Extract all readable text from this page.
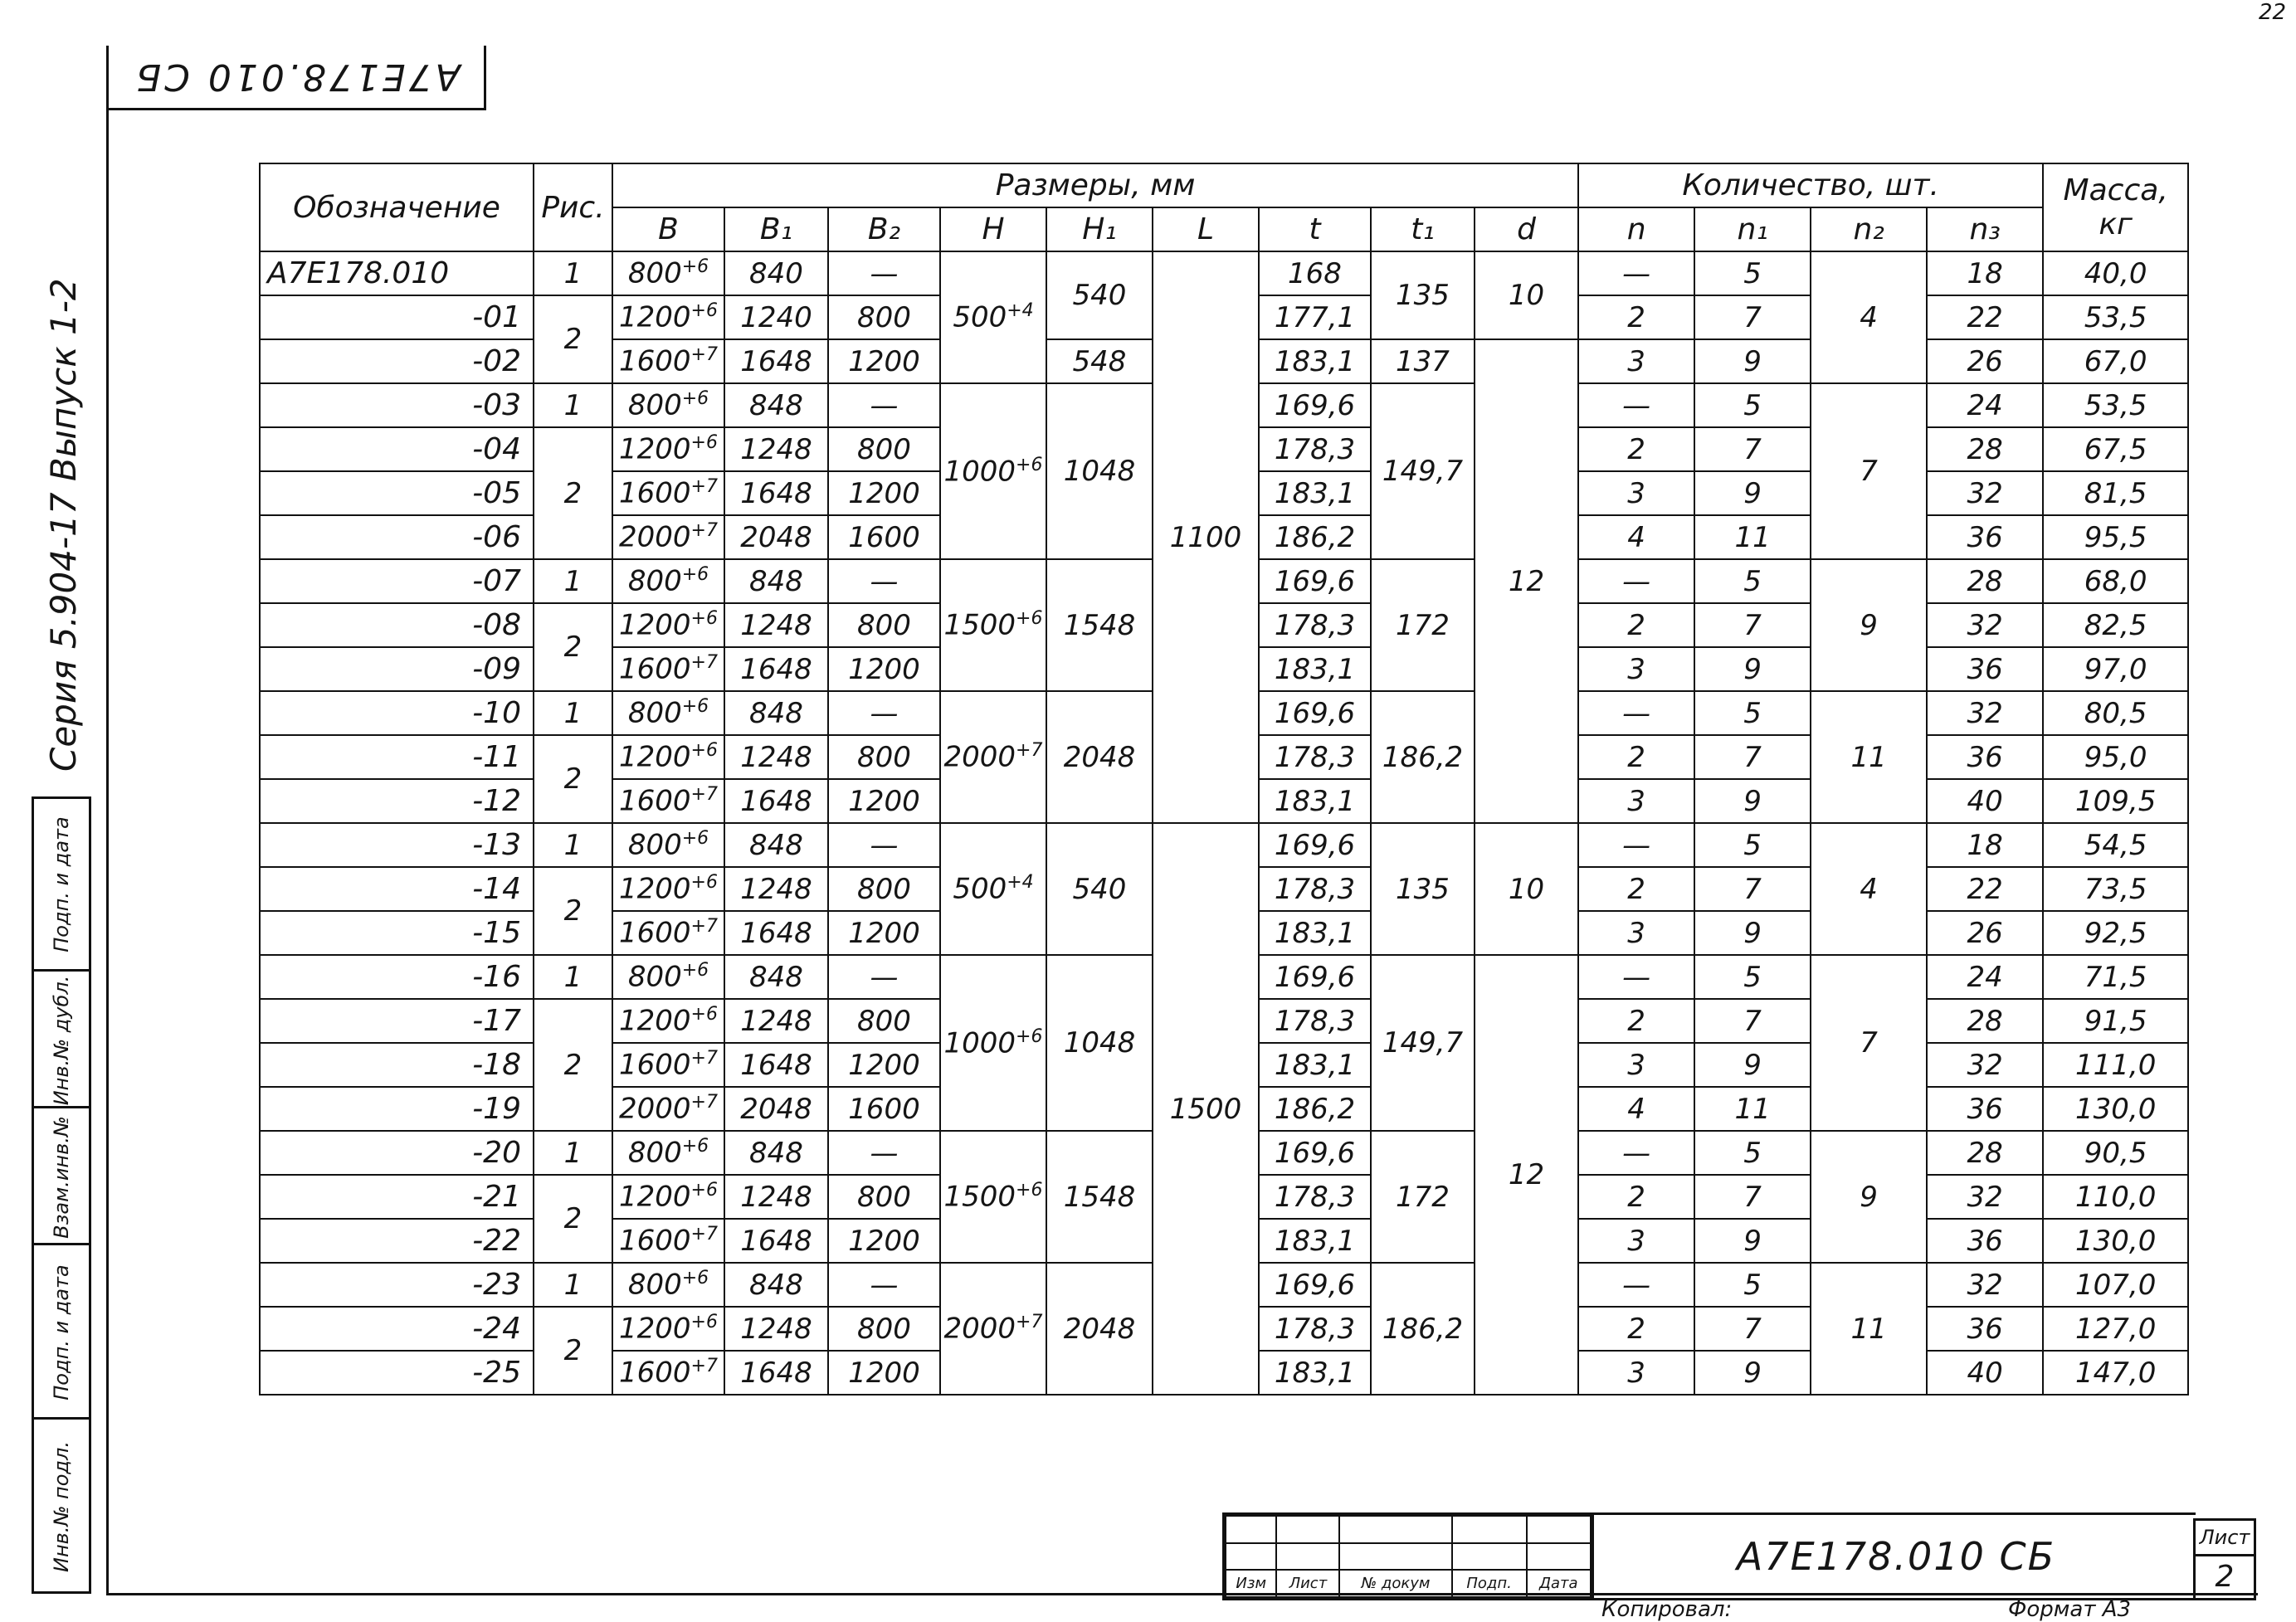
22
А7Е178.010 СБ
Серия 5.904-17 Выпуск 1-2
Подп. и дата
Инв.№ дубл.
Взам.инв.№
Подп. и дата
Инв.№ подл.
Обозначение	Рис.	Размеры, мм									Количество, шт.				Масса, кг
		В	В₁	В₂	Н	Н₁	L	t	t₁	d	n	n₁	n₂	n₃	
А7Е178.010	1	$800^{+6}$	840	—	$500^{+4}$	540	1100	168	135	10	—	5	4	18	40,0
-01	2	$1200^{+6}$	1240	800				177,1			2	7		22	53,5
-02		$1600^{+7}$	1648	1200		548		183,1	137	12	3	9		26	67,0
-03	1	$800^{+6}$	848	—	$1000^{+6}$	1048		169,6	149,7		—	5	7	24	53,5
-04	2	$1200^{+6}$	1248	800				178,3			2	7		28	67,5
-05		$1600^{+7}$	1648	1200				183,1			3	9		32	81,5
-06		$2000^{+7}$	2048	1600				186,2			4	11		36	95,5
-07	1	$800^{+6}$	848	—	$1500^{+6}$	1548		169,6	172		—	5	9	28	68,0
-08	2	$1200^{+6}$	1248	800				178,3			2	7		32	82,5
-09		$1600^{+7}$	1648	1200				183,1			3	9		36	97,0
-10	1	$800^{+6}$	848	—	$2000^{+7}$	2048		169,6	186,2		—	5	11	32	80,5
-11	2	$1200^{+6}$	1248	800				178,3			2	7		36	95,0
-12		$1600^{+7}$	1648	1200				183,1			3	9		40	109,5
-13	1	$800^{+6}$	848	—	$500^{+4}$	540	1500	169,6	135	10	—	5	4	18	54,5
-14	2	$1200^{+6}$	1248	800				178,3			2	7		22	73,5
-15		$1600^{+7}$	1648	1200				183,1			3	9		26	92,5
-16	1	$800^{+6}$	848	—	$1000^{+6}$	1048		169,6	149,7	12	—	5	7	24	71,5
-17	2	$1200^{+6}$	1248	800				178,3			2	7		28	91,5
-18		$1600^{+7}$	1648	1200				183,1			3	9		32	111,0
-19		$2000^{+7}$	2048	1600				186,2			4	11		36	130,0
-20	1	$800^{+6}$	848	—	$1500^{+6}$	1548		169,6	172		—	5	9	28	90,5
-21	2	$1200^{+6}$	1248	800				178,3			2	7		32	110,0
-22		$1600^{+7}$	1648	1200				183,1			3	9		36	130,0
-23	1	$800^{+6}$	848	—	$2000^{+7}$	2048		169,6	186,2		—	5	11	32	107,0
-24	2	$1200^{+6}$	1248	800				178,3			2	7		36	127,0
-25		$1600^{+7}$	1648	1200				183,1			3	9		40	147,0

Изм	Лист	№ докум	Подп.	Дата
А7Е178.010 СБ	Лист
2
Копировал:	Формат А3
